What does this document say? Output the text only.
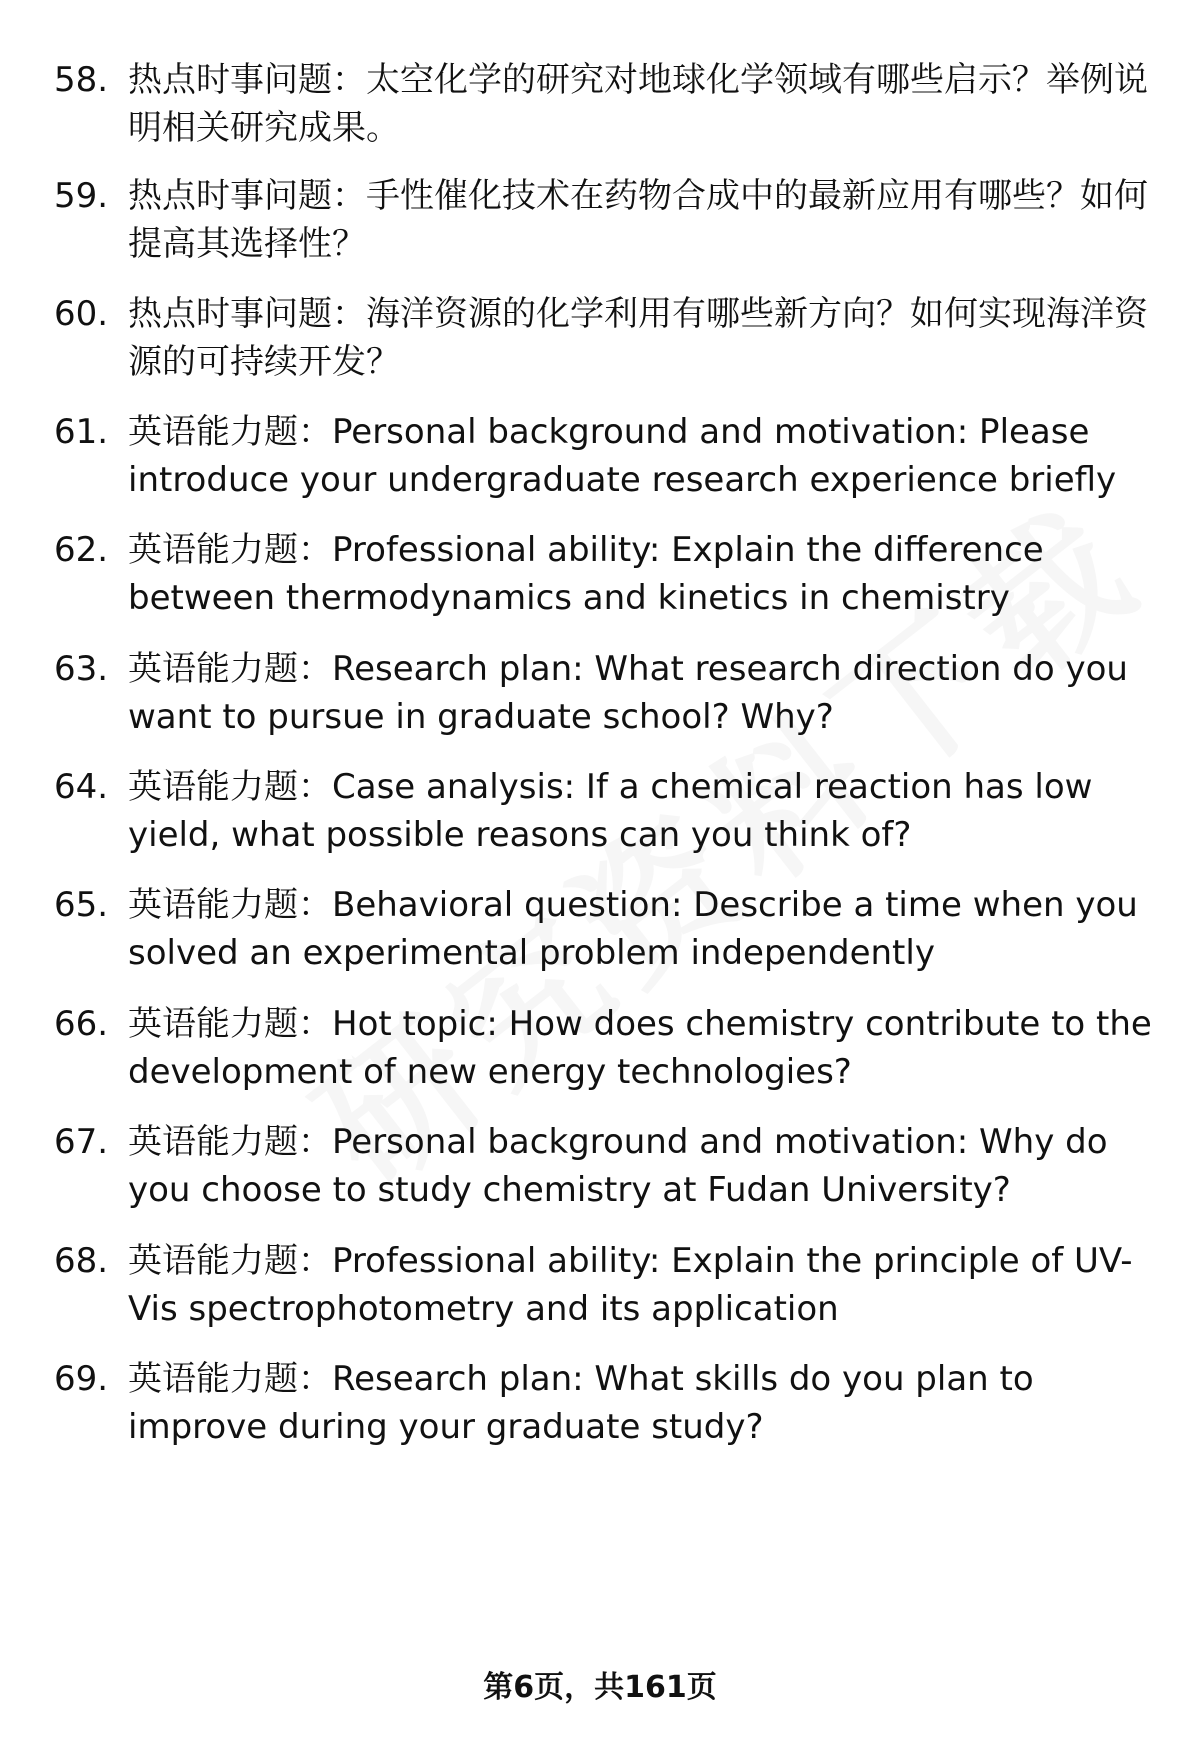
58. 热点时事问题：太空化学的研究对地球化学领域有哪些启示？举例说明相关研究成果。
59. 热点时事问题：手性催化技术在药物合成中的最新应用有哪些？如何提高其选择性？
60. 热点时事问题：海洋资源的化学利用有哪些新方向？如何实现海洋资源的可持续开发？
61. 英语能力题：Personal background and motivation: Please introduce your undergraduate research experience briefly
62. 英语能力题：Professional ability: Explain the difference between thermodynamics and kinetics in chemistry
63. 英语能力题：Research plan: What research direction do you want to pursue in graduate school? Why?
64. 英语能力题：Case analysis: If a chemical reaction has low yield, what possible reasons can you think of?
65. 英语能力题：Behavioral question: Describe a time when you solved an experimental problem independently
66. 英语能力题：Hot topic: How does chemistry contribute to the development of new energy technologies?
67. 英语能力题：Personal background and motivation: Why do you choose to study chemistry at Fudan University?
68. 英语能力题：Professional ability: Explain the principle of UV-Vis spectrophotometry and its application
69. 英语能力题：Research plan: What skills do you plan to improve during your graduate study?
第6页，共161页
